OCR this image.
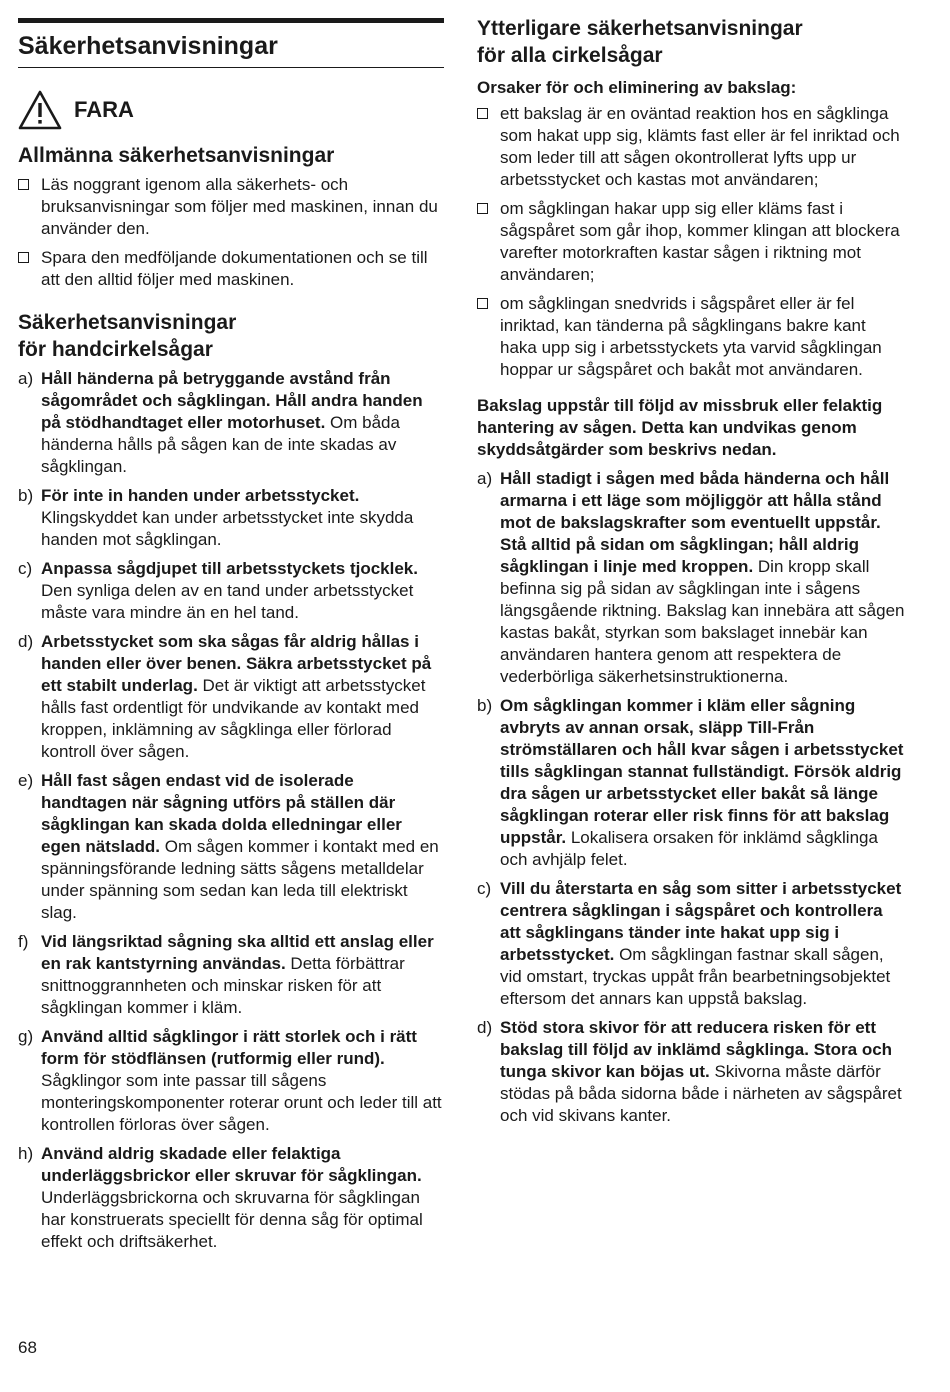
Säkerhetsanvisningar
FARA
Allmänna säkerhetsanvisningar
Läs noggrant igenom alla säkerhets- och bruksanvisningar som följer med maskinen, innan du använder den.
Spara den medföljande dokumentationen och se till att den alltid följer med maskinen.
Säkerhetsanvisningar
för handcirkelsågar
a) Håll händerna på betryggande avstånd från sågområdet och sågklingan. Håll andra handen på stödhandtaget eller motorhuset. Om båda händerna hålls på sågen kan de inte skadas av sågklingan.
b) För inte in handen under arbetsstycket. Klingskyddet kan under arbetsstycket inte skydda handen mot sågklingan.
c) Anpassa sågdjupet till arbetsstyckets tjocklek. Den synliga delen av en tand under arbetsstycket måste vara mindre än en hel tand.
d) Arbetsstycket som ska sågas får aldrig hållas i handen eller över benen. Säkra arbetsstycket på ett stabilt underlag. Det är viktigt att arbetsstycket hålls fast ordentligt för undvikande av kontakt med kroppen, inklämning av sågklinga eller förlorad kontroll över sågen.
e) Håll fast sågen endast vid de isolerade handtagen när sågning utförs på ställen där sågklingan kan skada dolda elledningar eller egen nätsladd. Om sågen kommer i kontakt med en spänningsförande ledning sätts sågens metalldelar under spänning som sedan kan leda till elektriskt slag.
f) Vid längsriktad sågning ska alltid ett anslag eller en rak kantstyrning användas. Detta förbättrar snittnoggrannheten och minskar risken för att sågklingan kommer i kläm.
g) Använd alltid sågklingor i rätt storlek och i rätt form för stödflänsen (rutformig eller rund). Sågklingor som inte passar till sågens monteringskomponenter roterar orunt och leder till att kontrollen förloras över sågen.
h) Använd aldrig skadade eller felaktiga underläggsbrickor eller skruvar för sågklingan. Underläggsbrickorna och skruvarna för sågklingan har konstruerats speciellt för denna såg för optimal effekt och driftsäkerhet.
Ytterligare säkerhetsanvisningar
för alla cirkelsågar
Orsaker för och eliminering av bakslag:
ett bakslag är en oväntad reaktion hos en sågklinga som hakat upp sig, klämts fast eller är fel inriktad och som leder till att sågen okontrollerat lyfts upp ur arbetsstycket och kastas mot användaren;
om sågklingan hakar upp sig eller kläms fast i sågspåret som går ihop, kommer klingan att blockera varefter motorkraften kastar sågen i riktning mot användaren;
om sågklingan snedvrids i sågspåret eller är fel inriktad, kan tänderna på sågklingans bakre kant haka upp sig i arbetsstyckets yta varvid sågklingan hoppar ur sågspåret och bakåt mot användaren.

Bakslag uppstår till följd av missbruk eller felaktig hantering av sågen. Detta kan undvikas genom skyddsåtgärder som beskrivs nedan.

a) Håll stadigt i sågen med båda händerna och håll armarna i ett läge som möjliggör att hålla stånd mot de bakslagskrafter som eventuellt uppstår. Stå alltid på sidan om sågklingan; håll aldrig sågklingan i linje med kroppen. Din kropp skall befinna sig på sidan av sågklingan inte i sågens längsgående riktning. Bakslag kan innebära att sågen kastas bakåt, styrkan som bakslaget innebär kan användaren hantera genom att respektera de vederbörliga säkerhetsinstruktionerna.
b) Om sågklingan kommer i kläm eller sågning avbryts av annan orsak, släpp Till-Från strömställaren och håll kvar sågen i arbetsstycket tills sågklingan stannat fullständigt. Försök aldrig dra sågen ur arbetsstycket eller bakåt så länge sågklingan roterar eller risk finns för att bakslag uppstår. Lokalisera orsaken för inklämd sågklinga och avhjälp felet.
c) Vill du återstarta en såg som sitter i arbetsstycket centrera sågklingan i sågspåret och kontrollera att sågklingans tänder inte hakat upp sig i arbetsstycket. Om sågklingan fastnar skall sågen, vid omstart, tryckas uppåt från bearbetningsobjektet eftersom det annars kan uppstå bakslag.
d) Stöd stora skivor för att reducera risken för ett bakslag till följd av inklämd sågklinga. Stora och tunga skivor kan böjas ut. Skivorna måste därför stödas på båda sidorna både i närheten av sågspåret och vid skivans kanter.
68
